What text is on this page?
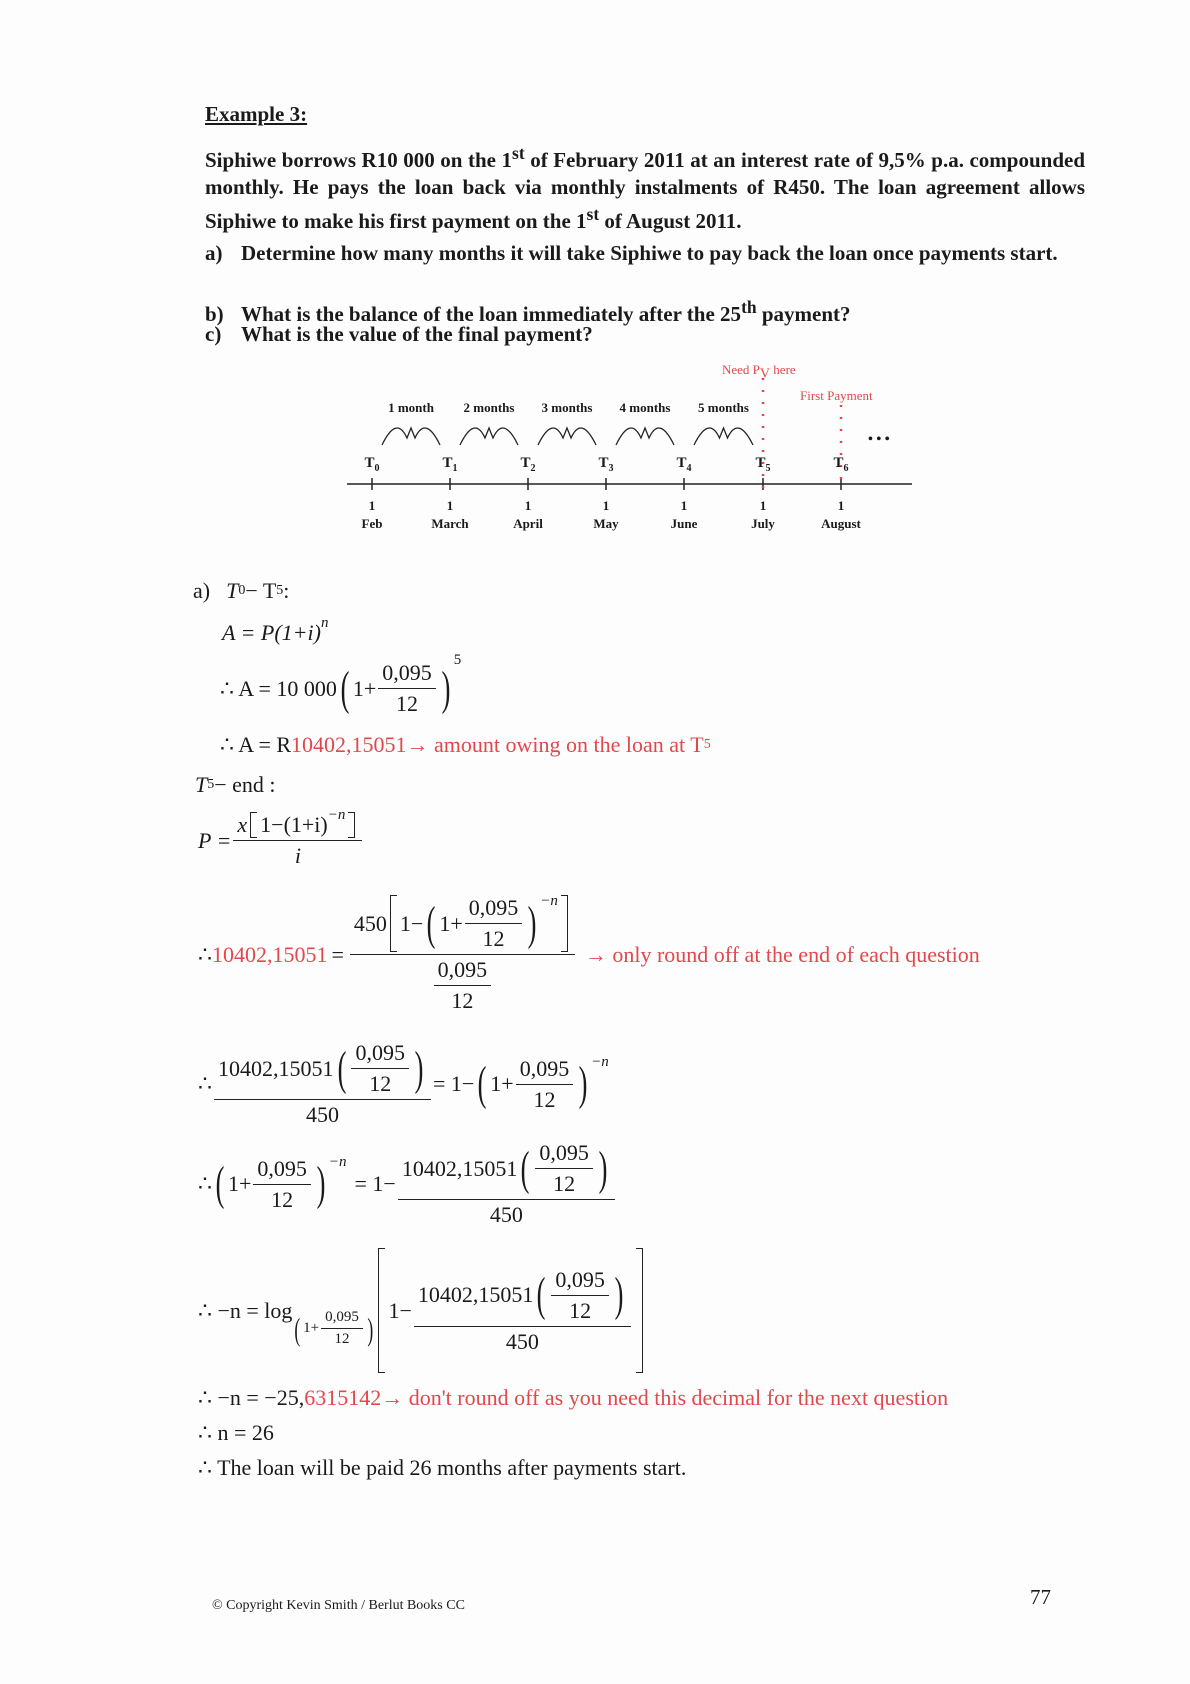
Example 3:
Siphiwe borrows R10 000 on the 1st of February 2011 at an interest rate of 9,5% p.a. compounded monthly. He pays the loan back via monthly instalments of R450. The loan agreement allows Siphiwe to make his first payment on the 1st of August 2011.
a) Determine how many months it will take Siphiwe to pay back the loan once payments start.
b) What is the balance of the loan immediately after the 25th payment?
c) What is the value of the final payment?
$T_0$
1
Feb
$T_1$
1
March
$T_2$
1
April
$T_3$
1
May
$T_4$
1
June
$T_5$
1
July
$T_6$
1
August
1 month 2 months 3 months 4 months 5 months
Need $P_V$ here
First Payment
• • •
a) T 0 − T 5 :
A = P(1+i) n
∴ A = 10 000 ( $1+ \frac{0,095}{12}$ )
5
∴ A = R 10402,15051 → amount owing on the loan at T 5
T 5 − end :
$P = \frac{x 1-(1+i) -n}{i}$
∴ $10402,15051 = \frac{450 1- ( 1+ \frac{0,095}{12} ) -n}{\frac{0,095}{12}}$ → only round off at the end of each question
∴ $\frac{10402,15051 ( \frac{0,095}{12} )}{450} = 1-$ ( $1+ \frac{0,095}{12}$ ) −n
∴ ( $1+ \frac{0,095}{12}$ ) −n
= $1- \frac{10402,15051 ( \frac{0,095}{12} )}{450}$
∴ −n = log
( $1+ \frac{0,095}{12}$ )
$1- \frac{10402,15051 ( \frac{0,095}{12} )}{450}$
∴ −n = −25, 6315142 → don't round off as you need this decimal for the next question
∴ n = 26
∴ The loan will be paid 26 months after payments start.
© Copyright Kevin Smith / Berlut Books CC	77
